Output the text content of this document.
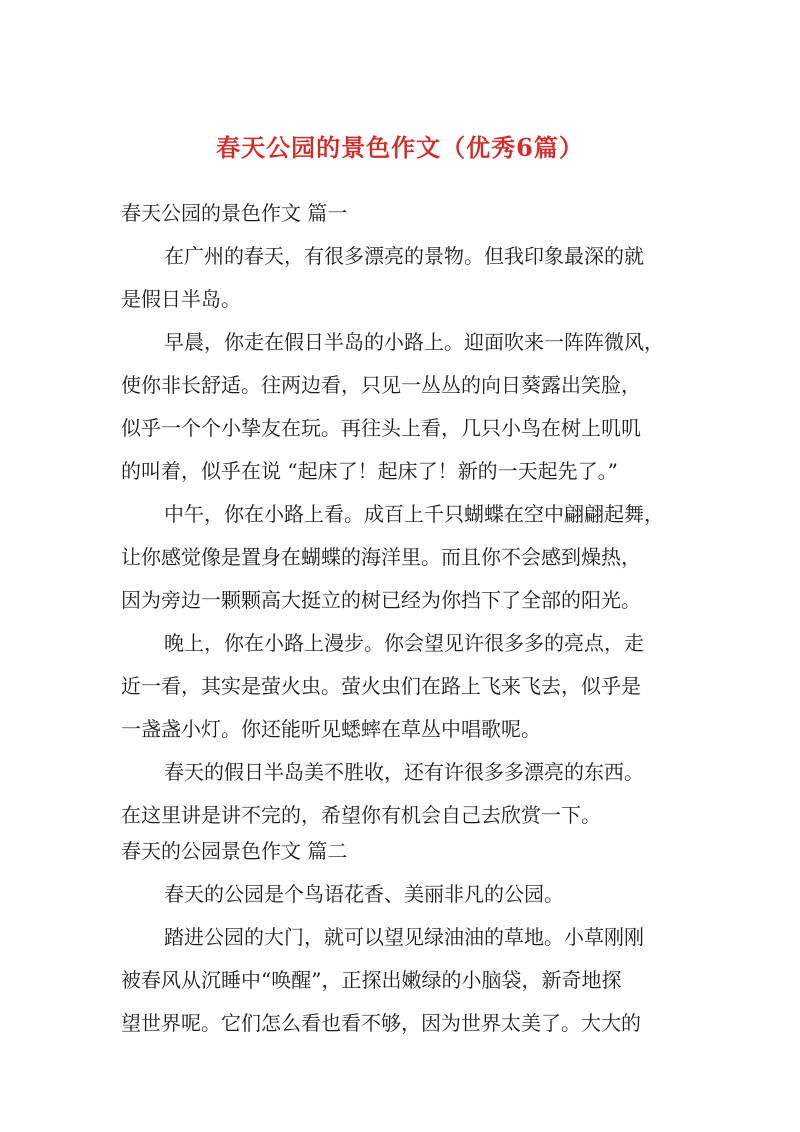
春天公园的景色作文（优秀6篇）
春天公园的景色作文 篇一
在广州的春天，有很多漂亮的景物。但我印象最深的就
是假日半岛。
早晨，你走在假日半岛的小路上。迎面吹来一阵阵微风，
使你非长舒适。往两边看，只见一丛丛的向日葵露出笑脸，
似乎一个个小挚友在玩。再往头上看，几只小鸟在树上叽叽
的叫着，似乎在说 “起床了！起床了！新的一天起先了。”
中午，你在小路上看。成百上千只蝴蝶在空中翩翩起舞，
让你感觉像是置身在蝴蝶的海洋里。而且你不会感到燥热，
因为旁边一颗颗高大挺立的树已经为你挡下了全部的阳光。
晚上，你在小路上漫步。你会望见许很多多的亮点，走
近一看，其实是萤火虫。萤火虫们在路上飞来飞去，似乎是
一盏盏小灯。你还能听见蟋蟀在草丛中唱歌呢。
春天的假日半岛美不胜收，还有许很多多漂亮的东西。
在这里讲是讲不完的，希望你有机会自己去欣赏一下。
春天的公园景色作文 篇二
春天的公园是个鸟语花香、美丽非凡的公园。
踏进公园的大门，就可以望见绿油油的草地。小草刚刚
被春风从沉睡中“唤醒”，正探出嫩绿的小脑袋，新奇地探
望世界呢。它们怎么看也看不够，因为世界太美了。大大的
